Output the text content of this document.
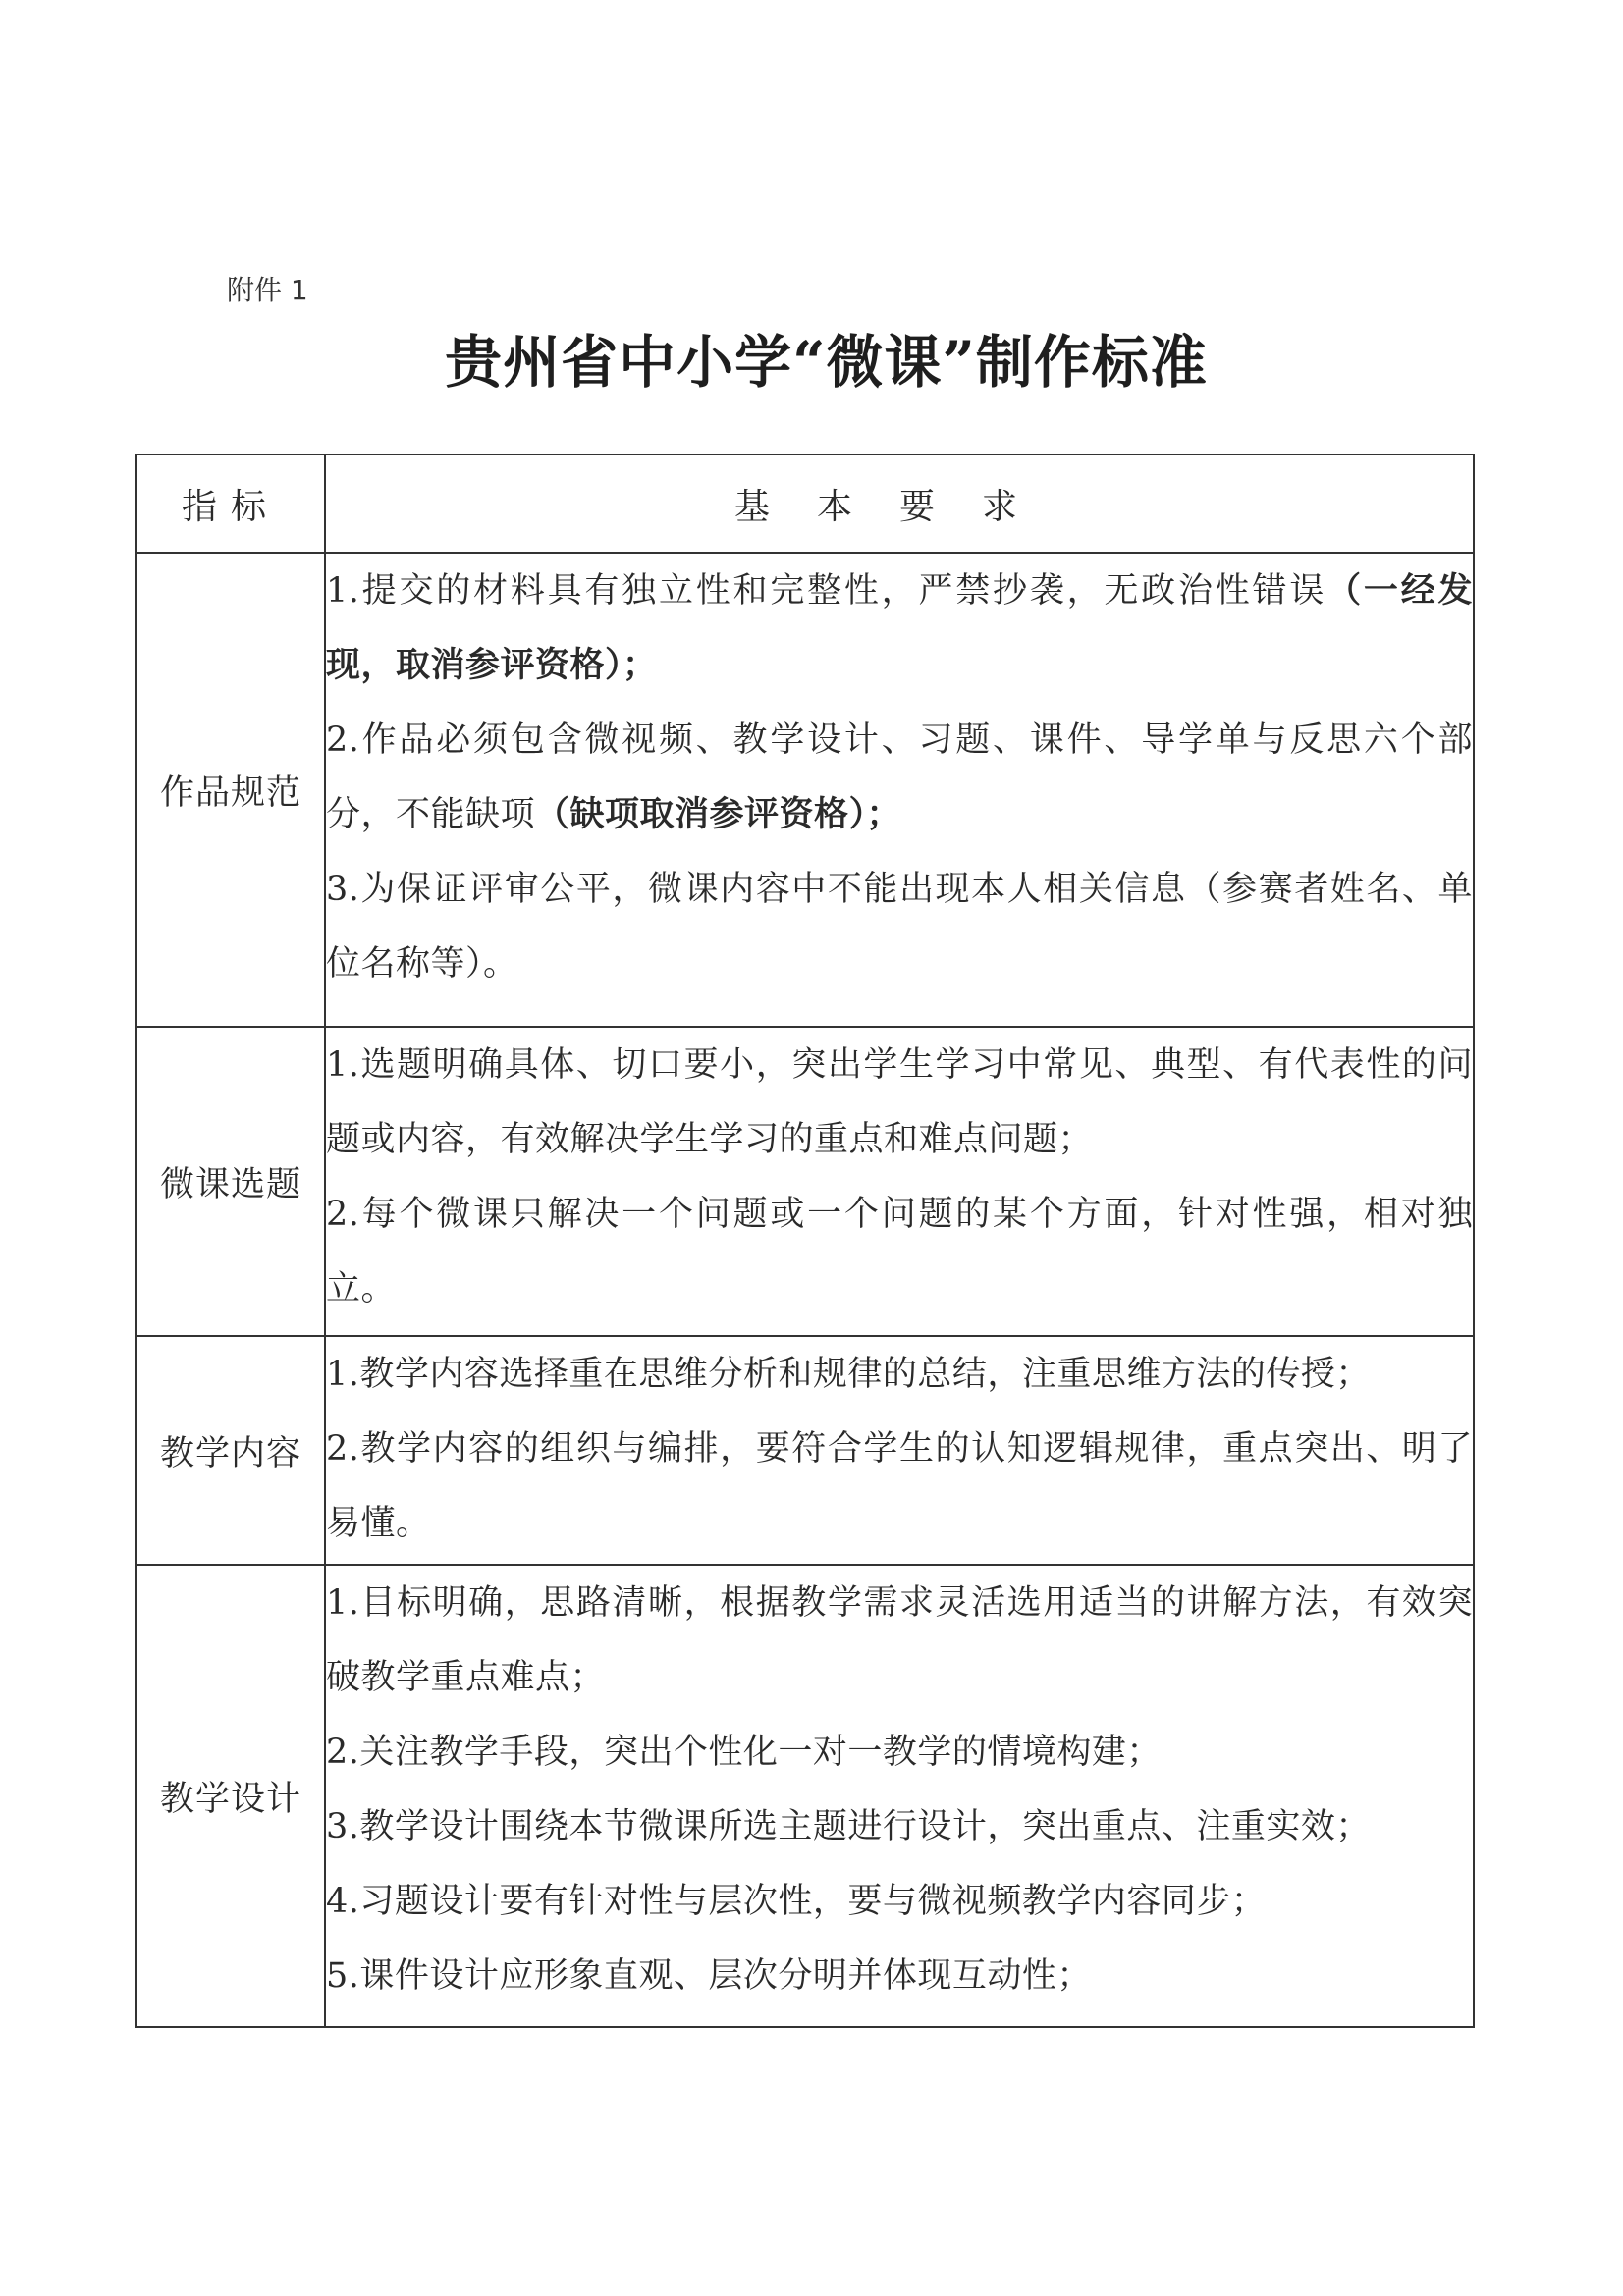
附件 1
贵州省中小学“微课”制作标准
指标	基本要求
作品规范	1.提交的材料具有独立性和完整性，严禁抄袭，无政治性错误（一经发现，取消参评资格）；
2.作品必须包含微视频、教学设计、习题、课件、导学单与反思六个部分，不能缺项（缺项取消参评资格）；
3.为保证评审公平，微课内容中不能出现本人相关信息（参赛者姓名、单位名称等）。

微课选题	1.选题明确具体、切口要小，突出学生学习中常见、典型、有代表性的问题或内容，有效解决学生学习的重点和难点问题；
2.每个微课只解决一个问题或一个问题的某个方面，针对性强，相对独立。

教学内容	1.教学内容选择重在思维分析和规律的总结，注重思维方法的传授；
2.教学内容的组织与编排，要符合学生的认知逻辑规律，重点突出、明了易懂。

教学设计	1.目标明确，思路清晰，根据教学需求灵活选用适当的讲解方法，有效突破教学重点难点；
2.关注教学手段，突出个性化一对一教学的情境构建；
3.教学设计围绕本节微课所选主题进行设计，突出重点、注重实效；
4.习题设计要有针对性与层次性，要与微视频教学内容同步；
5.课件设计应形象直观、层次分明并体现互动性；
